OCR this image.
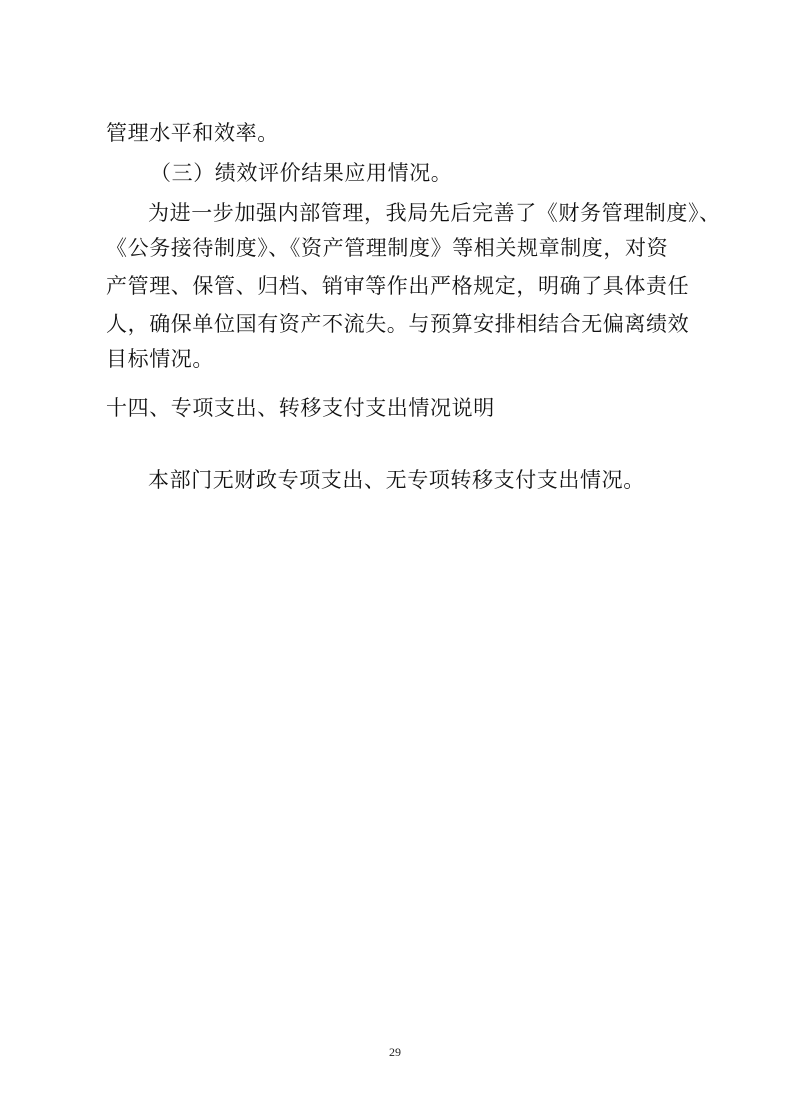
管理水平和效率。
（三）绩效评价结果应用情况。
为进一步加强内部管理，我局先后完善了《财务管理制度》、
《公务接待制度》、《资产管理制度》等相关规章制度，对资
产管理、保管、归档、销审等作出严格规定，明确了具体责任
人，确保单位国有资产不流失。与预算安排相结合无偏离绩效
目标情况。
十四、专项支出、转移支付支出情况说明
本部门无财政专项支出、无专项转移支付支出情况。
29
